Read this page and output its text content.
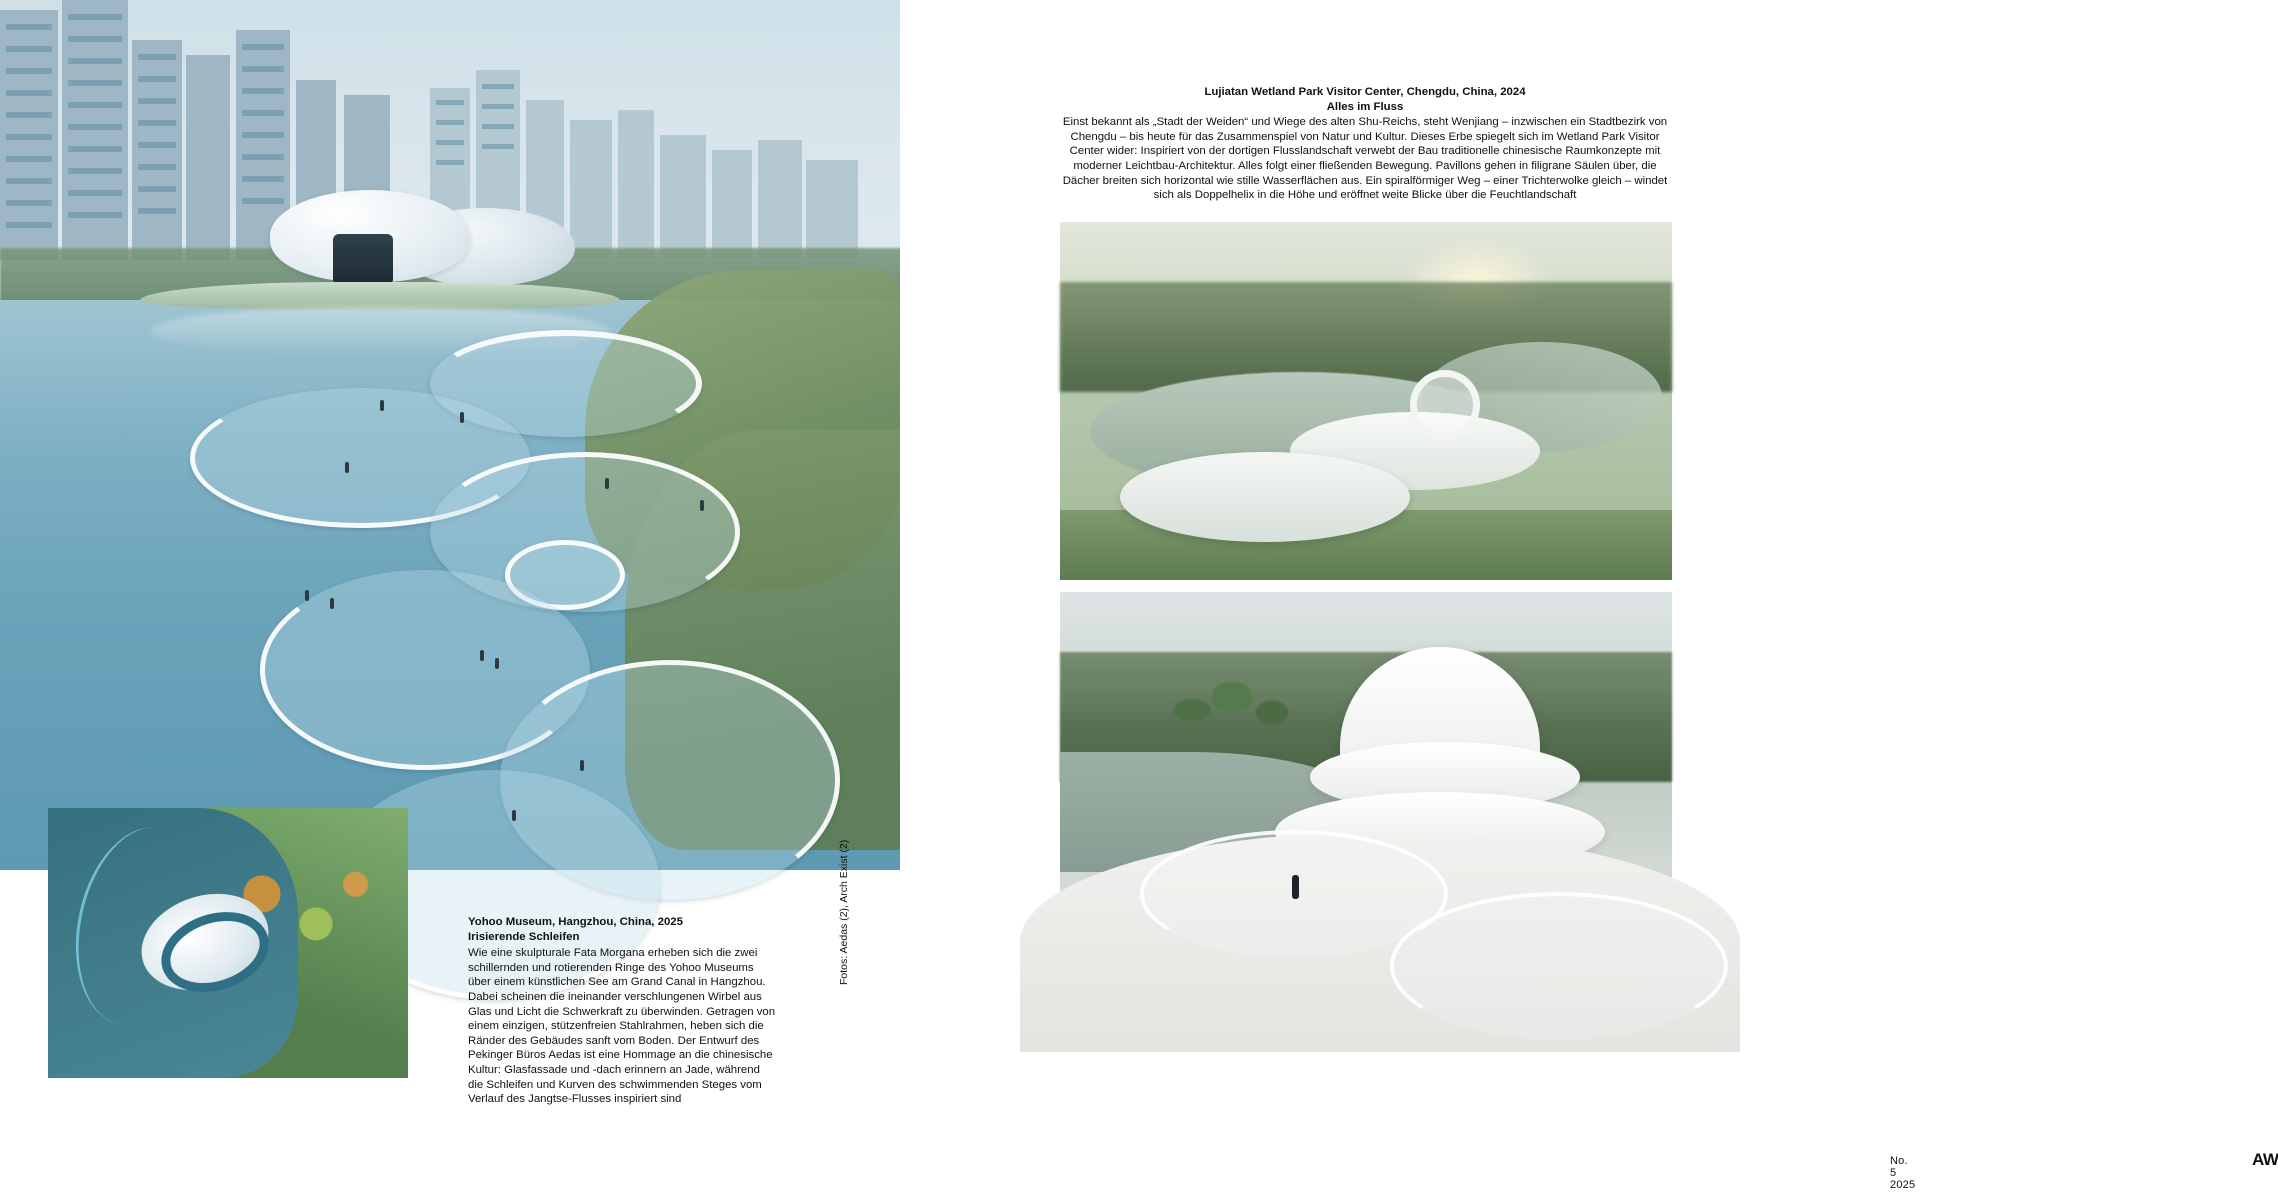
Yohoo Museum, Hangzhou, China, 2025
Irisierende Schleifen
Wie eine skulpturale Fata Morgana erheben sich die zwei schillernden und rotierenden Ringe des Yohoo Museums über einem künstlichen See am Grand Canal in Hangzhou. Dabei scheinen die ineinander verschlungenen Wirbel aus Glas und Licht die Schwerkraft zu überwinden. Getragen von einem einzigen, stützenfreien Stahlrahmen, heben sich die Ränder des Gebäudes sanft vom Boden. Der Entwurf des Pekinger Büros Aedas ist eine Hommage an die chinesische Kultur: Glasfassade und -dach erinnern an Jade, während die Schleifen und Kurven des schwimmenden Steges vom Verlauf des Jangtse-Flusses inspiriert sind
Fotos: Aedas (2), Arch Exist (2)
Lujiatan Wetland Park Visitor Center, Chengdu, China, 2024
Alles im Fluss
Einst bekannt als „Stadt der Weiden“ und Wiege des alten Shu-Reichs, steht Wenjiang – inzwischen ein Stadtbezirk von Chengdu – bis heute für das Zusammenspiel von Natur und Kultur. Dieses Erbe spiegelt sich im Wetland Park Visitor Center wider: Inspiriert von der dortigen Flusslandschaft verwebt der Bau traditionelle chinesische Raumkonzepte mit moderner Leichtbau-Architektur. Alles folgt einer fließenden Bewegung. Pavillons gehen in filigrane Säulen über, die Dächer breiten sich horizontal wie stille Wasserflächen aus. Ein spiralförmiger Weg – einer Trichterwolke gleich – windet sich als Doppelhelix in die Höhe und eröffnet weite Blicke über die Feuchtlandschaft
No. 5 2025
AW
